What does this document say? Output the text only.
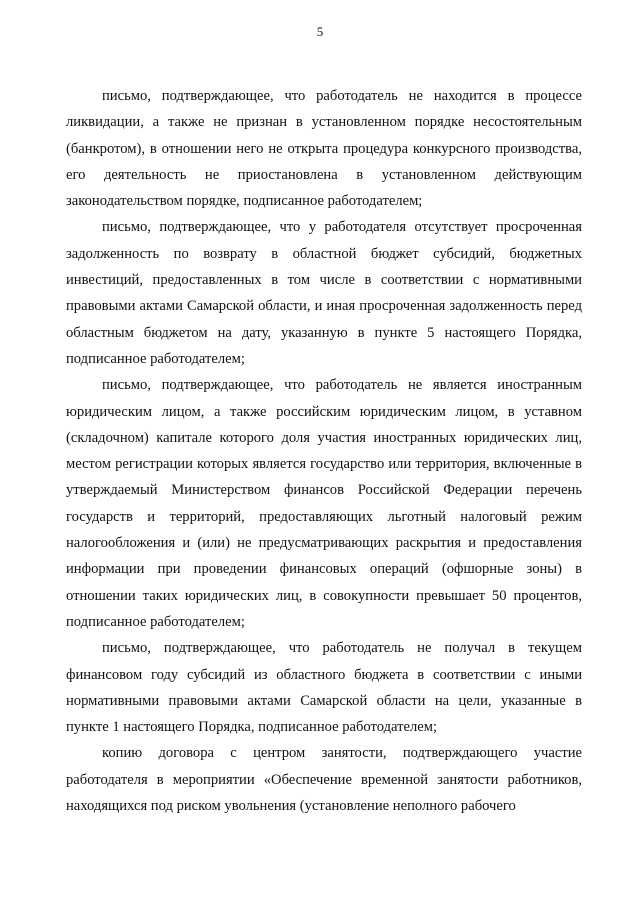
5

письмо, подтверждающее, что работодатель не находится в процессе ликвидации, а также не признан в установленном порядке несостоятельным (банкротом), в отношении него не открыта процедура конкурсного производства, его деятельность не приостановлена в установленном действующим законодательством порядке, подписанное работодателем;

письмо, подтверждающее, что у работодателя отсутствует просроченная задолженность по возврату в областной бюджет субсидий, бюджетных инвестиций, предоставленных в том числе в соответствии с нормативными правовыми актами Самарской области, и иная просроченная задолженность перед областным бюджетом на дату, указанную в пункте 5 настоящего Порядка, подписанное работодателем;

письмо, подтверждающее, что работодатель не является иностранным юридическим лицом, а также российским юридическим лицом, в уставном (складочном) капитале которого доля участия иностранных юридических лиц, местом регистрации которых является государство или территория, включенные в утверждаемый Министерством финансов Российской Федерации перечень государств и территорий, предоставляющих льготный налоговый режим налогообложения и (или) не предусматривающих раскрытия и предоставления информации при проведении финансовых операций (офшорные зоны) в отношении таких юридических лиц, в совокупности превышает 50 процентов, подписанное работодателем;

письмо, подтверждающее, что работодатель не получал в текущем финансовом году субсидий из областного бюджета в соответствии с иными нормативными правовыми актами Самарской области на цели, указанные в пункте 1 настоящего Порядка, подписанное работодателем;

копию договора с центром занятости, подтверждающего участие работодателя в мероприятии «Обеспечение временной занятости работников, находящихся под риском увольнения (установление неполного рабочего
